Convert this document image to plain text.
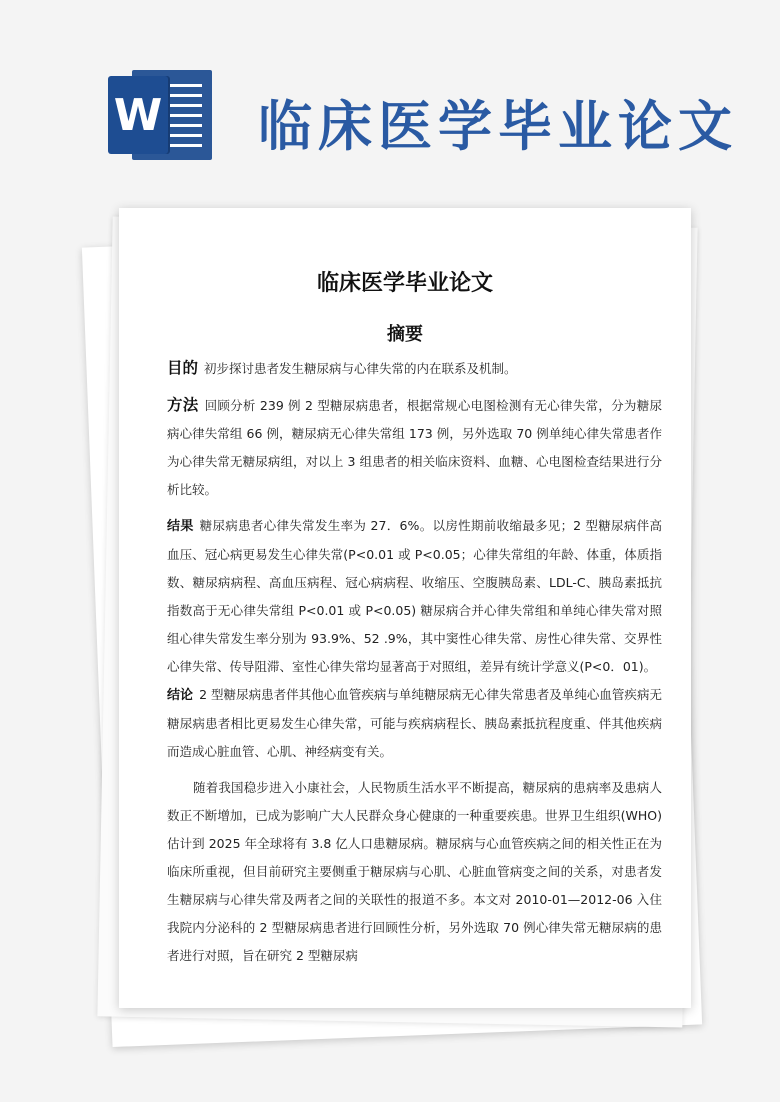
W 临床医学毕业论文
临床医学毕业论文
摘要

目的 初步探讨患者发生糖尿病与心律失常的内在联系及机制。

方法 回顾分析 239 例 2 型糖尿病患者，根据常规心电图检测有无心律失常，分为糖尿病心律失常组 66 例，糖尿病无心律失常组 173 例，另外选取 70 例单纯心律失常患者作为心律失常无糖尿病组，对以上 3 组患者的相关临床资料、血糖、心电图检查结果进行分析比较。

结果 糖尿病患者心律失常发生率为 27．6%。以房性期前收缩最多见；2 型糖尿病伴高血压、冠心病更易发生心律失常(P<0.01 或 P<0.05；心律失常组的年龄、体重，体质指数、糖尿病病程、高血压病程、冠心病病程、收缩压、空腹胰岛素、LDL-C、胰岛素抵抗指数高于无心律失常组 P<0.01 或 P<0.05) 糖尿病合并心律失常组和单纯心律失常对照组心律失常发生率分别为 93.9%、52 .9%，其中窦性心律失常、房性心律失常、交界性心律失常、传导阻滞、室性心律失常均显著高于对照组，差异有统计学意义(P<0．01)。

结论 2 型糖尿病患者伴其他心血管疾病与单纯糖尿病无心律失常患者及单纯心血管疾病无糖尿病患者相比更易发生心律失常，可能与疾病病程长、胰岛素抵抗程度重、伴其他疾病而造成心脏血管、心肌、神经病变有关。

随着我国稳步进入小康社会，人民物质生活水平不断提高，糖尿病的患病率及患病人数正不断增加，已成为影响广大人民群众身心健康的一种重要疾患。世界卫生组织(WHO)估计到 2025 年全球将有 3.8 亿人口患糖尿病。糖尿病与心血管疾病之间的相关性正在为临床所重视，但目前研究主要侧重于糖尿病与心肌、心脏血管病变之间的关系，对患者发生糖尿病与心律失常及两者之间的关联性的报道不多。本文对 2010-01—2012-06 入住我院内分泌科的 2 型糖尿病患者进行回顾性分析，另外选取 70 例心律失常无糖尿病的患者进行对照，旨在研究 2 型糖尿病
